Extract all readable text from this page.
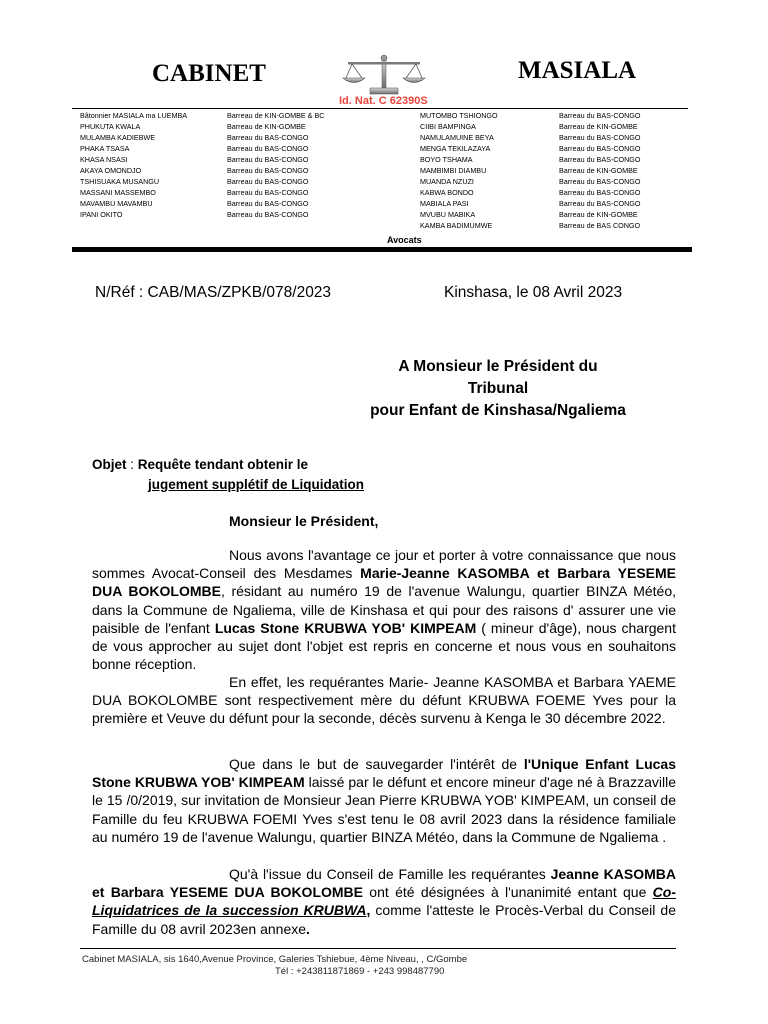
CABINET	MASIALA
Id. Nat. C 62390S
Bâtonnier MASIALA ma LUEMBA
PHUKUTA KWALA
MULAMBA KADIEBWE
PHAKA TSASA
KHASA NSASI
AKAYA OMONDJO
TSHISUAKA MUSANGU
MASSANI MASSEMBO
MAVAMBU MAVAMBU
IPANI OKITO
Barreau de KIN-GOMBE & BC
Barreau de KIN-GOMBE
Barreau du BAS-CONGO
Barreau du BAS-CONGO
Barreau du BAS-CONGO
Barreau du BAS-CONGO
Barreau du BAS-CONGO
Barreau du BAS-CONGO
Barreau du BAS-CONGO
Barreau du BAS-CONGO
MUTOMBO TSHIONGO
CIIBI BAMPINGA
NAMULAMUINE BEYA
MENGA TEKILAZAYA
BOYO TSHAMA
MAMBIMBI DIAMBU
MUANDA NZUZI
KABWA BONDO
MABIALA PASI
MVUBU MABIKA
KAMBA BADIMUMWE
Barreau du BAS-CONGO
Barreau de KIN-GOMBE
Barreau du BAS-CONGO
Barreau du BAS-CONGO
Barreau du BAS-CONGO
Barreau de KIN-GOMBE
Barreau du BAS-CONGO
Barreau du BAS-CONGO
Barreau du BAS-CONGO
Barreau de KIN-GOMBE
Barreau de BAS CONGO
Avocats
N/Réf : CAB/MAS/ZPKB/078/2023	Kinshasa, le 08 Avril 2023
A Monsieur le Président du
Tribunal
pour Enfant de Kinshasa/Ngaliema
Objet : Requête tendant obtenir le
jugement supplétif de Liquidation
Monsieur le Président,
Nous avons l'avantage ce jour et porter à votre connaissance que nous sommes Avocat-Conseil des Mesdames Marie-Jeanne KASOMBA et Barbara YESEME DUA BOKOLOMBE, résidant au numéro 19 de l'avenue Walungu, quartier BINZA Météo, dans la Commune de Ngaliema, ville de Kinshasa et qui pour des raisons d' assurer une vie paisible de l'enfant Lucas Stone KRUBWA YOB' KIMPEAM ( mineur d'âge), nous chargent de vous approcher au sujet dont l'objet est repris en concerne et nous vous en souhaitons bonne réception.
En effet, les requérantes Marie- Jeanne KASOMBA et Barbara YAEME DUA BOKOLOMBE sont respectivement mère du défunt KRUBWA FOEME Yves pour la première et Veuve du défunt pour la seconde, décès survenu à Kenga le 30 décembre 2022.
Que dans le but de sauvegarder l'intérêt de l'Unique Enfant Lucas Stone KRUBWA YOB' KIMPEAM laissé par le défunt et encore mineur d'age né à Brazzaville le 15 /0/2019, sur invitation de Monsieur Jean Pierre KRUBWA YOB' KIMPEAM, un conseil de Famille du feu KRUBWA FOEMI Yves s'est tenu le 08 avril 2023 dans la résidence familiale au numéro 19 de l'avenue Walungu, quartier BINZA Météo, dans la Commune de Ngaliema .
Qu'à l'issue du Conseil de Famille les requérantes Jeanne KASOMBA et Barbara YESEME DUA BOKOLOMBE ont été désignées à l'unanimité entant que Co-Liquidatrices de la succession KRUBWA, comme l'atteste le Procès-Verbal du Conseil de Famille du 08 avril 2023en annexe.
Cabinet MASIALA, sis 1640,Avenue Province, Galeries Tshiebue, 4ème Niveau, , C/Gombe
Tél : +243811871869 - +243 998487790
